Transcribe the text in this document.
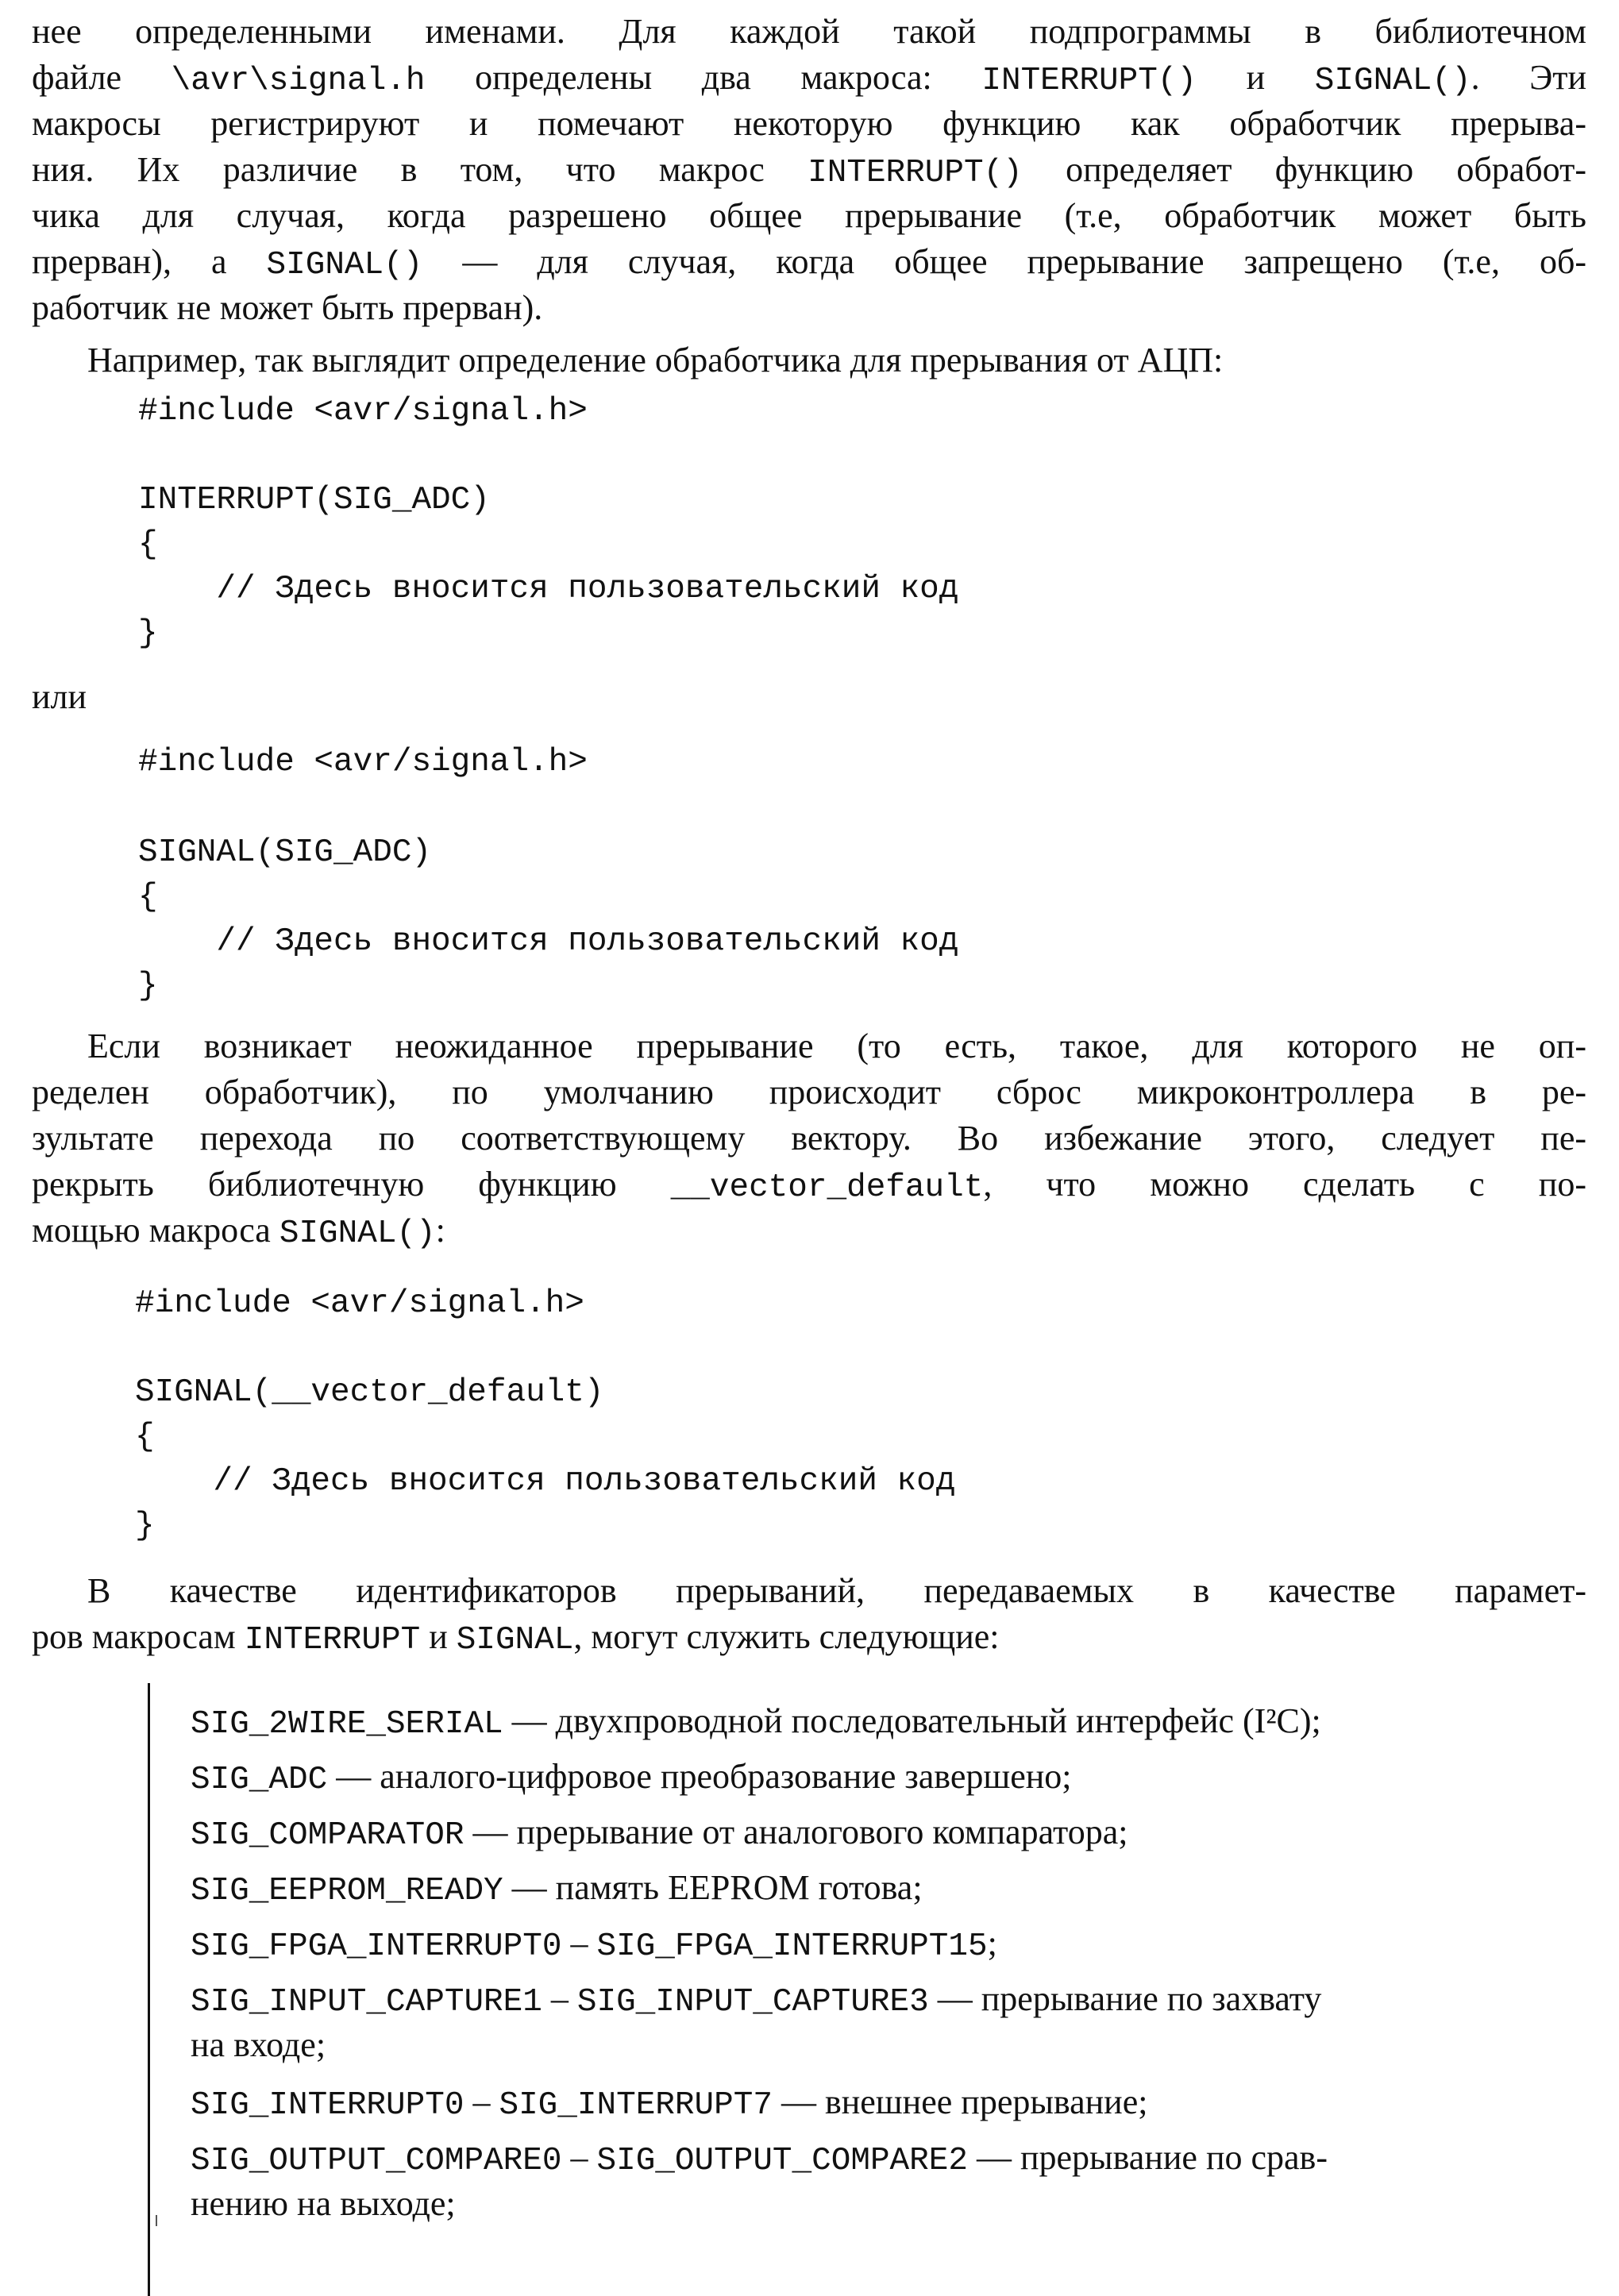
нее определенными именами. Для каждой такой подпрограммы в библиотечном
файле \avr\signal.h определены два макроса: INTERRUPT() и SIGNAL(). Эти
макросы регистрируют и помечают некоторую функцию как обработчик прерыва-
ния. Их различие в том, что макрос INTERRUPT() определяет функцию обработ-
чика для случая, когда разрешено общее прерывание (т.е, обработчик может быть
прерван), а SIGNAL() — для случая, когда общее прерывание запрещено (т.е, об-
работчик не может быть прерван).
Например, так выглядит определение обработчика для прерывания от АЦП:
#include <avr/signal.h>
INTERRUPT(SIG_ADC)
{
// Здесь вносится пользовательский код
}
или
#include <avr/signal.h>
SIGNAL(SIG_ADC)
{
// Здесь вносится пользовательский код
}
Если возникает неожиданное прерывание (то есть, такое, для которого не оп-
ределен обработчик), по умолчанию происходит сброс микроконтроллера в ре-
зультате перехода по соответствующему вектору. Во избежание этого, следует пе-
рекрыть библиотечную функцию __vector_default, что можно сделать с по-
мощью макроса SIGNAL():
#include <avr/signal.h>
SIGNAL(__vector_default)
{
// Здесь вносится пользовательский код
}
В качестве идентификаторов прерываний, передаваемых в качестве парамет-
ров макросам INTERRUPT и SIGNAL, могут служить следующие:
SIG_2WIRE_SERIAL — двухпроводной последовательный интерфейс (I²C);
SIG_ADC — аналого-цифровое преобразование завершено;
SIG_COMPARATOR — прерывание от аналогового компаратора;
SIG_EEPROM_READY — память EEPROM готова;
SIG_FPGA_INTERRUPT0 – SIG_FPGA_INTERRUPT15;
SIG_INPUT_CAPTURE1 – SIG_INPUT_CAPTURE3 — прерывание по захвату
на входе;
SIG_INTERRUPT0 – SIG_INTERRUPT7 — внешнее прерывание;
SIG_OUTPUT_COMPARE0 – SIG_OUTPUT_COMPARE2 — прерывание по срав-
нению на выходе;
